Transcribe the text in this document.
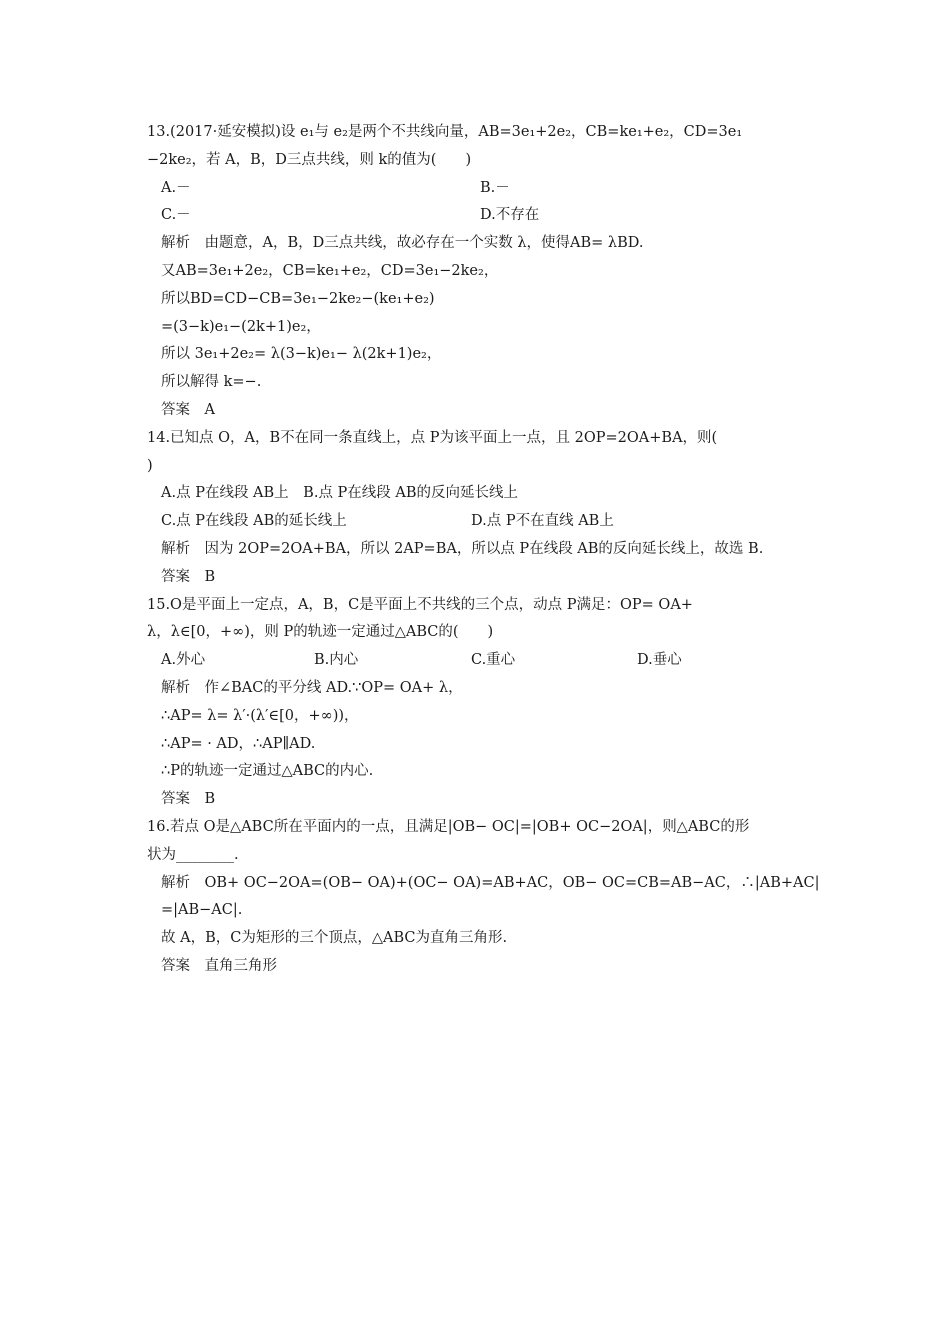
13.(2017·延安模拟)设 e₁与 e₂是两个不共线向量，AB=3e₁+2e₂，CB=ke₁+e₂，CD=3e₁
−2ke₂，若 A，B，D三点共线，则 k的值为(　　)
A.－	B.－
C.－	D.不存在
解析　由题意，A，B，D三点共线，故必存在一个实数 λ，使得AB= λBD.
又AB=3e₁+2e₂，CB=ke₁+e₂，CD=3e₁−2ke₂，
所以BD=CD−CB=3e₁−2ke₂−(ke₁+e₂)
=(3−k)e₁−(2k+1)e₂，
所以 3e₁+2e₂= λ(3−k)e₁− λ(2k+1)e₂，
所以解得 k=−.
答案　A
14.已知点 O，A，B不在同一条直线上，点 P为该平面上一点，且 2OP=2OA+BA，则(
)
A.点 P在线段 AB上　B.点 P在线段 AB的反向延长线上
C.点 P在线段 AB的延长线上	D.点 P不在直线 AB上
解析　因为 2OP=2OA+BA，所以 2AP=BA，所以点 P在线段 AB的反向延长线上，故选 B.
答案　B
15.O是平面上一定点，A，B，C是平面上不共线的三个点，动点 P满足：OP= OA+
λ，λ∈[0，+∞)，则 P的轨迹一定通过△ABC的(　　)
A.外心	B.内心	C.重心	D.垂心
解析　作∠BAC的平分线 AD.∵OP= OA+ λ，
∴AP= λ= λ′·(λ′∈[0，+∞))，
∴AP= · AD，∴AP∥AD.
∴P的轨迹一定通过△ABC的内心.
答案　B
16.若点 O是△ABC所在平面内的一点，且满足|OB− OC|=|OB+ OC−2OA|，则△ABC的形
状为________.
解析　OB+ OC−2OA=(OB− OA)+(OC− OA)=AB+AC，OB− OC=CB=AB−AC，∴|AB+AC|
=|AB−AC|.
故 A，B，C为矩形的三个顶点，△ABC为直角三角形.
答案　直角三角形
